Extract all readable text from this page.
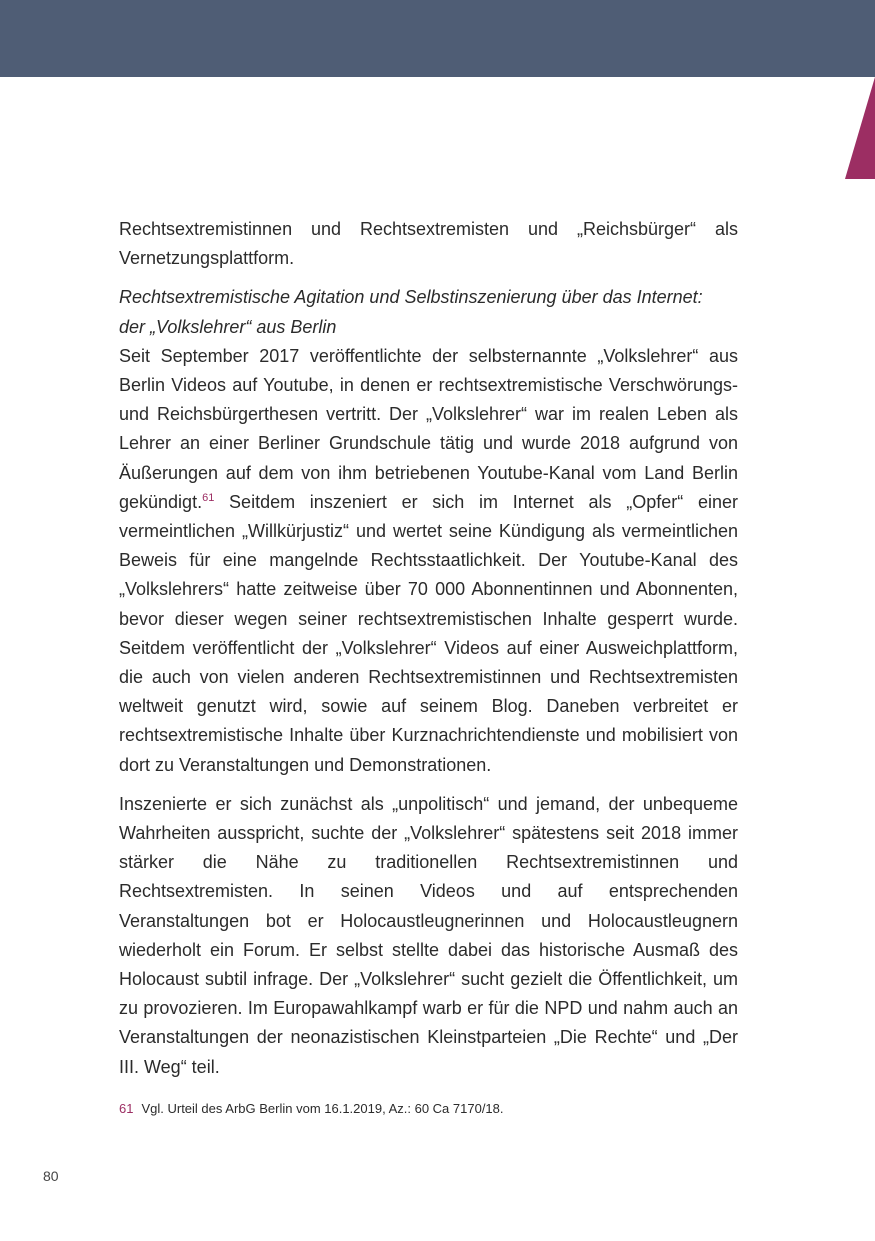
Rechtsextremistinnen und Rechtsextremisten und „Reichsbürger“ als Vernetzungsplattform.

Rechtsextremistische Agitation und Selbstinszenierung über das Internet:
der „Volkslehrer“ aus Berlin

Seit September 2017 veröffentlichte der selbsternannte „Volkslehrer“ aus Berlin Videos auf Youtube, in denen er rechtsextremistische Verschwörungs- und Reichsbürgerthesen vertritt. Der „Volkslehrer“ war im realen Leben als Lehrer an einer Berliner Grundschule tätig und wurde 2018 aufgrund von Äußerungen auf dem von ihm betriebenen Youtube-Kanal vom Land Berlin gekündigt.$^{61}$ Seitdem inszeniert er sich im Internet als „Opfer“ einer vermeintlichen „Willkürjustiz“ und wertet seine Kündigung als vermeintlichen Beweis für eine mangelnde Rechtsstaatlichkeit. Der Youtube-Kanal des „Volkslehrers“ hatte zeitweise über 70 000 Abonnentinnen und Abonnenten, bevor dieser wegen seiner rechtsextremistischen Inhalte gesperrt wurde. Seitdem veröffentlicht der „Volkslehrer“ Videos auf einer Ausweichplattform, die auch von vielen anderen Rechtsextremistinnen und Rechtsextremisten weltweit genutzt wird, sowie auf seinem Blog. Daneben verbreitet er rechtsextremistische Inhalte über Kurznachrichtendienste und mobilisiert von dort zu Veranstaltungen und Demonstrationen.

Inszenierte er sich zunächst als „unpolitisch“ und jemand, der unbequeme Wahrheiten ausspricht, suchte der „Volkslehrer“ spätestens seit 2018 immer stärker die Nähe zu traditionellen Rechtsextremistinnen und Rechtsextremisten. In seinen Videos und auf entsprechenden Veranstaltungen bot er Holocaustleugnerinnen und Holocaustleugnern wiederholt ein Forum. Er selbst stellte dabei das historische Ausmaß des Holocaust subtil infrage. Der „Volkslehrer“ sucht gezielt die Öffentlichkeit, um zu provozieren. Im Europawahlkampf warb er für die NPD und nahm auch an Veranstaltungen der neonazistischen Kleinstparteien „Die Rechte“ und „Der III. Weg“ teil.

61 Vgl. Urteil des ArbG Berlin vom 16.1.2019, Az.: 60 Ca 7170/18.
80
